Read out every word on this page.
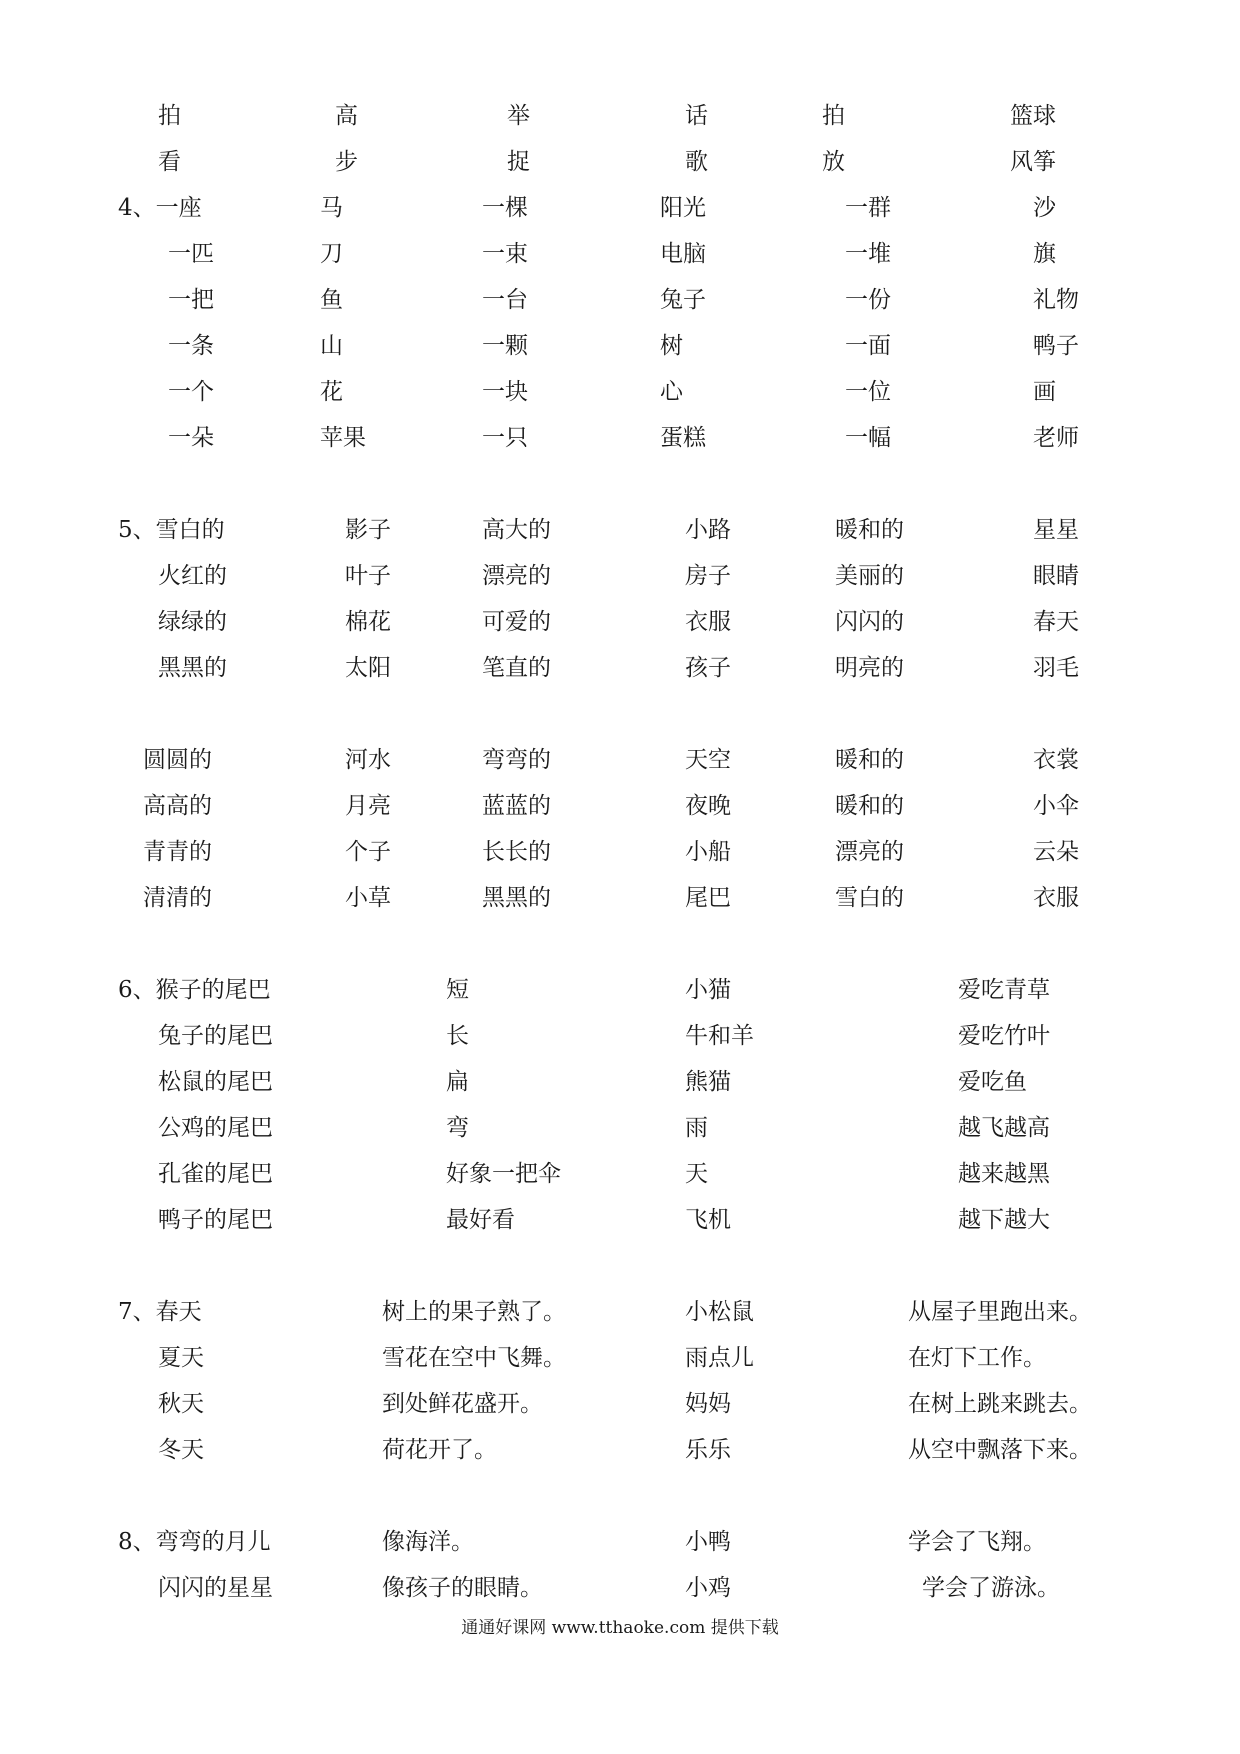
拍	高	举	话	拍	篮球
看	步	捉	歌	放	风筝
4、一座	马	一棵	阳光	一群	沙
一匹	刀	一束	电脑	一堆	旗
一把	鱼	一台	兔子	一份	礼物
一条	山	一颗	树	一面	鸭子
一个	花	一块	心	一位	画
一朵	苹果	一只	蛋糕	一幅	老师
5、雪白的	影子	高大的	小路	暖和的	星星
火红的	叶子	漂亮的	房子	美丽的	眼睛
绿绿的	棉花	可爱的	衣服	闪闪的	春天
黑黑的	太阳	笔直的	孩子	明亮的	羽毛
圆圆的	河水	弯弯的	天空	暖和的	衣裳
高高的	月亮	蓝蓝的	夜晚	暖和的	小伞
青青的	个子	长长的	小船	漂亮的	云朵
清清的	小草	黑黑的	尾巴	雪白的	衣服
6、猴子的尾巴	短	小猫	爱吃青草
兔子的尾巴	长	牛和羊	爱吃竹叶
松鼠的尾巴	扁	熊猫	爱吃鱼
公鸡的尾巴	弯	雨	越飞越高
孔雀的尾巴	好象一把伞	天	越来越黑
鸭子的尾巴	最好看	飞机	越下越大
7、春天	树上的果子熟了。	小松鼠	从屋子里跑出来。
夏天	雪花在空中飞舞。	雨点儿	在灯下工作。
秋天	到处鲜花盛开。	妈妈	在树上跳来跳去。
冬天	荷花开了。	乐乐	从空中飘落下来。
8、弯弯的月儿	像海洋。	小鸭	学会了飞翔。
闪闪的星星	像孩子的眼睛。	小鸡	学会了游泳。
通通好课网 www.tthaoke.com 提供下载
